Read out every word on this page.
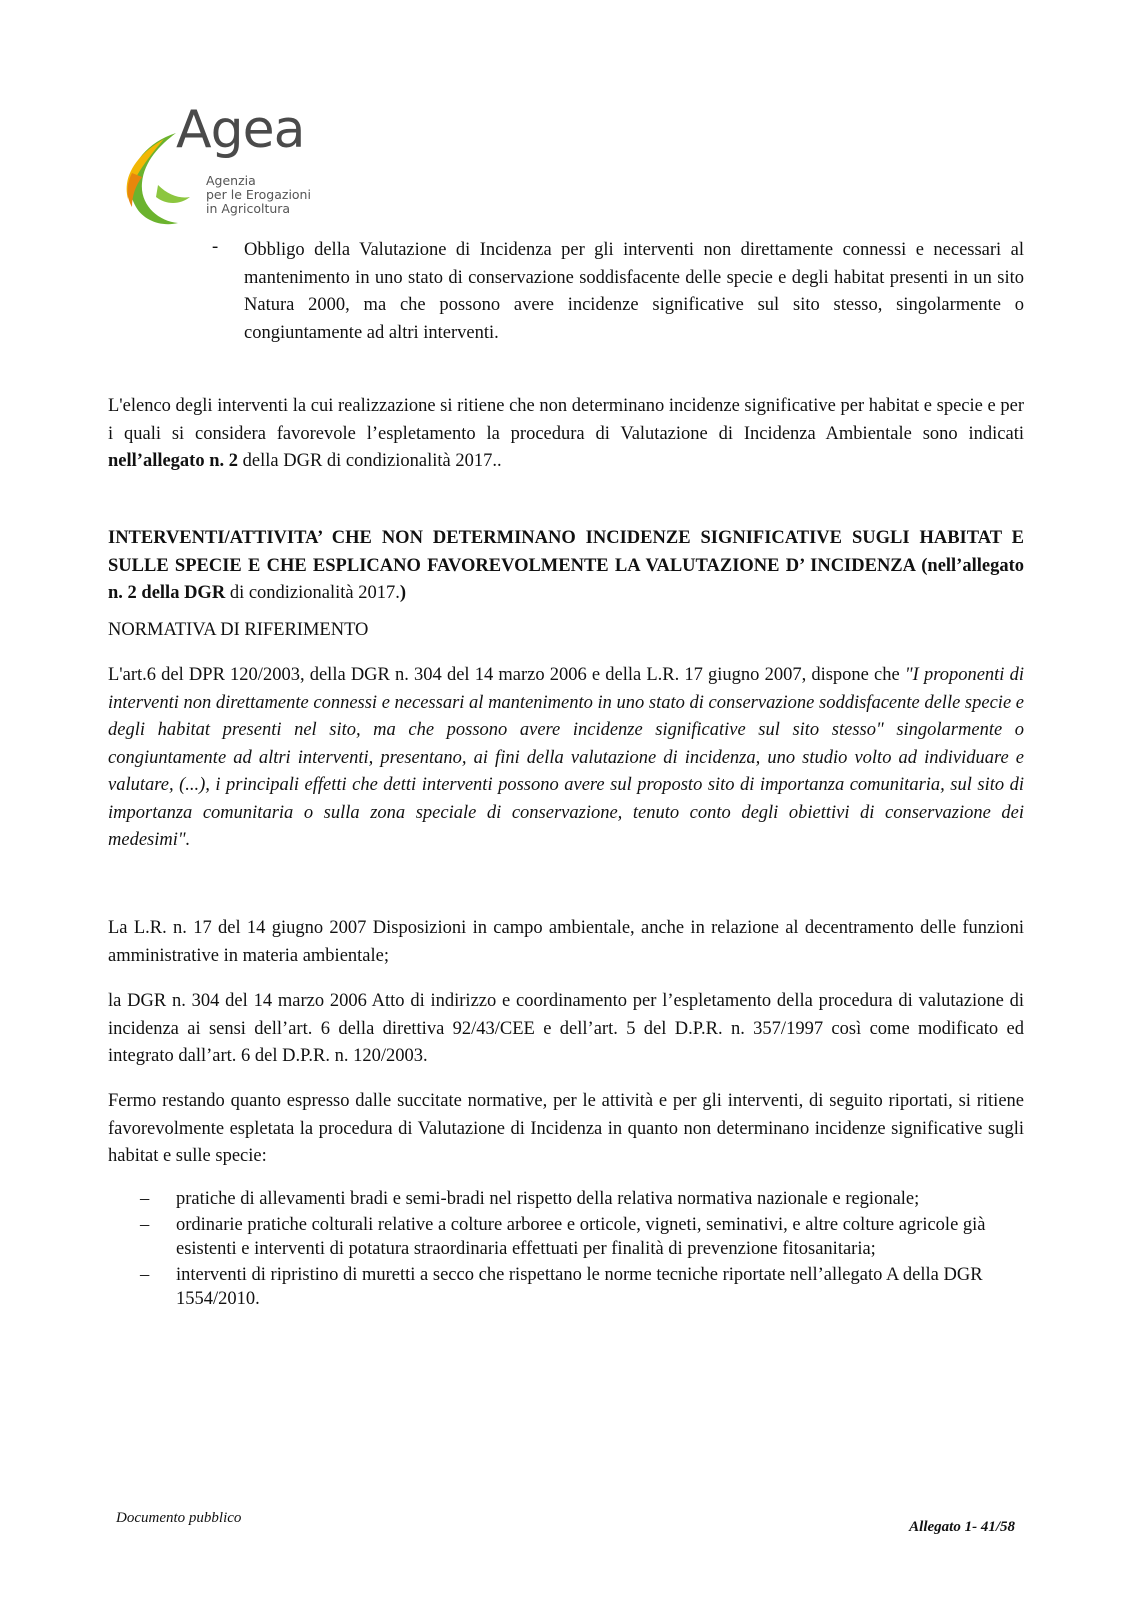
Agea
Agenzia
per le Erogazioni
in Agricoltura
- Obbligo della Valutazione di Incidenza per gli interventi non direttamente connessi e necessari al mantenimento in uno stato di conservazione soddisfacente delle specie e degli habitat presenti in un sito Natura 2000, ma che possono avere incidenze significative sul sito stesso, singolarmente o congiuntamente ad altri interventi.
L'elenco degli interventi la cui realizzazione si ritiene che non determinano incidenze significative per habitat e specie e per i quali si considera favorevole l’espletamento la procedura di Valutazione di Incidenza Ambientale sono indicati nell’allegato n. 2 della DGR di condizionalità 2017..
INTERVENTI/ATTIVITA’ CHE NON DETERMINANO INCIDENZE SIGNIFICATIVE SUGLI HABITAT E SULLE SPECIE E CHE ESPLICANO FAVOREVOLMENTE LA VALUTAZIONE D’ INCIDENZA (nell’allegato n. 2 della DGR di condizionalità 2017.)
NORMATIVA DI RIFERIMENTO
L'art.6 del DPR 120/2003, della DGR n. 304 del 14 marzo 2006 e della L.R. 17 giugno 2007, dispone che "I proponenti di interventi non direttamente connessi e necessari al mantenimento in uno stato di conservazione soddisfacente delle specie e degli habitat presenti nel sito, ma che possono avere incidenze significative sul sito stesso" singolarmente o congiuntamente ad altri interventi, presentano, ai fini della valutazione di incidenza, uno studio volto ad individuare e valutare, (...), i principali effetti che detti interventi possono avere sul proposto sito di importanza comunitaria, sul sito di importanza comunitaria o sulla zona speciale di conservazione, tenuto conto degli obiettivi di conservazione dei medesimi".
La L.R. n. 17 del 14 giugno 2007 Disposizioni in campo ambientale, anche in relazione al decentramento delle funzioni amministrative in materia ambientale;
la DGR n. 304 del 14 marzo 2006 Atto di indirizzo e coordinamento per l’espletamento della procedura di valutazione di incidenza ai sensi dell’art. 6 della direttiva 92/43/CEE e dell’art. 5 del D.P.R. n. 357/1997 così come modificato ed integrato dall’art. 6 del D.P.R. n. 120/2003.
Fermo restando quanto espresso dalle succitate normative, per le attività e per gli interventi, di seguito riportati, si ritiene favorevolmente espletata la procedura di Valutazione di Incidenza in quanto non determinano incidenze significative sugli habitat e sulle specie:
– pratiche di allevamenti bradi e semi-bradi nel rispetto della relativa normativa nazionale e regionale;
– ordinarie pratiche colturali relative a colture arboree e orticole, vigneti, seminativi, e altre colture agricole già esistenti e interventi di potatura straordinaria effettuati per finalità di prevenzione fitosanitaria;
– interventi di ripristino di muretti a secco che rispettano le norme tecniche riportate nell’allegato A della DGR 1554/2010.
Documento pubblico
Allegato 1- 41/58
